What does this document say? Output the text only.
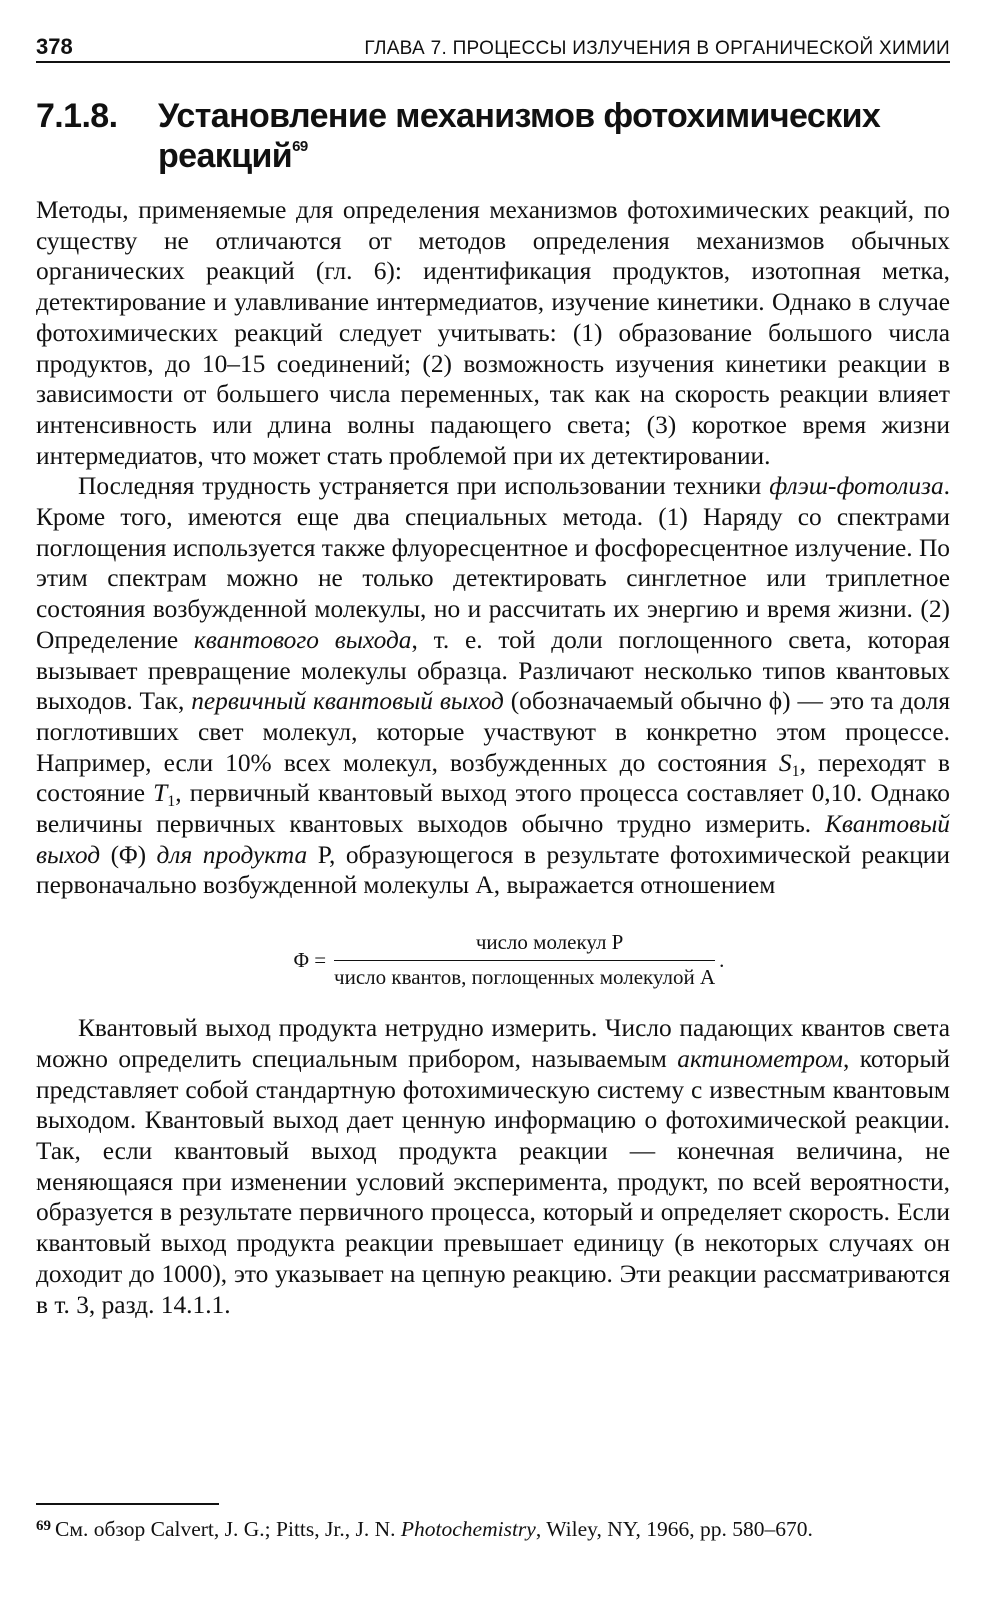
378	ГЛАВА 7. ПРОЦЕССЫ ИЗЛУЧЕНИЯ В ОРГАНИЧЕСКОЙ ХИМИИ
7.1.8. Установление механизмов фотохимических реакций$^{69}$

Методы, применяемые для определения механизмов фотохимических реакций, по существу не отличаются от методов определения механизмов обычных органических реакций (гл. 6): идентификация продуктов, изотопная метка, детектирование и улавливание интермедиатов, изучение кинетики. Однако в случае фотохимических реакций следует учитывать: (1) образование большого числа продуктов, до 10–15 соединений; (2) возможность изучения кинетики реакции в зависимости от большего числа переменных, так как на скорость реакции влияет интенсивность или длина волны падающего света; (3) короткое время жизни интермедиатов, что может стать проблемой при их детектировании.

Последняя трудность устраняется при использовании техники флэш-фотолиза. Кроме того, имеются еще два специальных метода. (1) Наряду со спектрами поглощения используется также флуоресцентное и фосфоресцентное излучение. По этим спектрам можно не только детектировать синглетное или триплетное состояния возбужденной молекулы, но и рассчитать их энергию и время жизни. (2) Определение квантового выхода, т. е. той доли поглощенного света, которая вызывает превращение молекулы образца. Различают несколько типов квантовых выходов. Так, первичный квантовый выход (обозначаемый обычно ϕ) — это та доля поглотивших свет молекул, которые участвуют в конкретно этом процессе. Например, если 10% всех молекул, возбужденных до состояния $S_1$, переходят в состояние $T_1$, первичный квантовый выход этого процесса составляет 0,10. Однако величины первичных квантовых выходов обычно трудно измерить. Квантовый выход (Φ) для продукта P, образующегося в результате фотохимической реакции первоначально возбужденной молекулы A, выражается отношением

$\Phi = \frac{\text{число молекул P}}{\text{число квантов, поглощенных молекулой A}}$ .

Квантовый выход продукта нетрудно измерить. Число падающих квантов света можно определить специальным прибором, называемым актинометром, который представляет собой стандартную фотохимическую систему с известным квантовым выходом. Квантовый выход дает ценную информацию о фотохимической реакции. Так, если квантовый выход продукта реакции — конечная величина, не меняющаяся при изменении условий эксперимента, продукт, по всей вероятности, образуется в результате первичного процесса, который и определяет скорость. Если квантовый выход продукта реакции превышает единицу (в некоторых случаях он доходит до 1000), это указывает на цепную реакцию. Эти реакции рассматриваются в т. 3, разд. 14.1.1.

$^{69}$ См. обзор Calvert, J. G.; Pitts, Jr., J. N. Photochemistry, Wiley, NY, 1966, pp. 580–670.
